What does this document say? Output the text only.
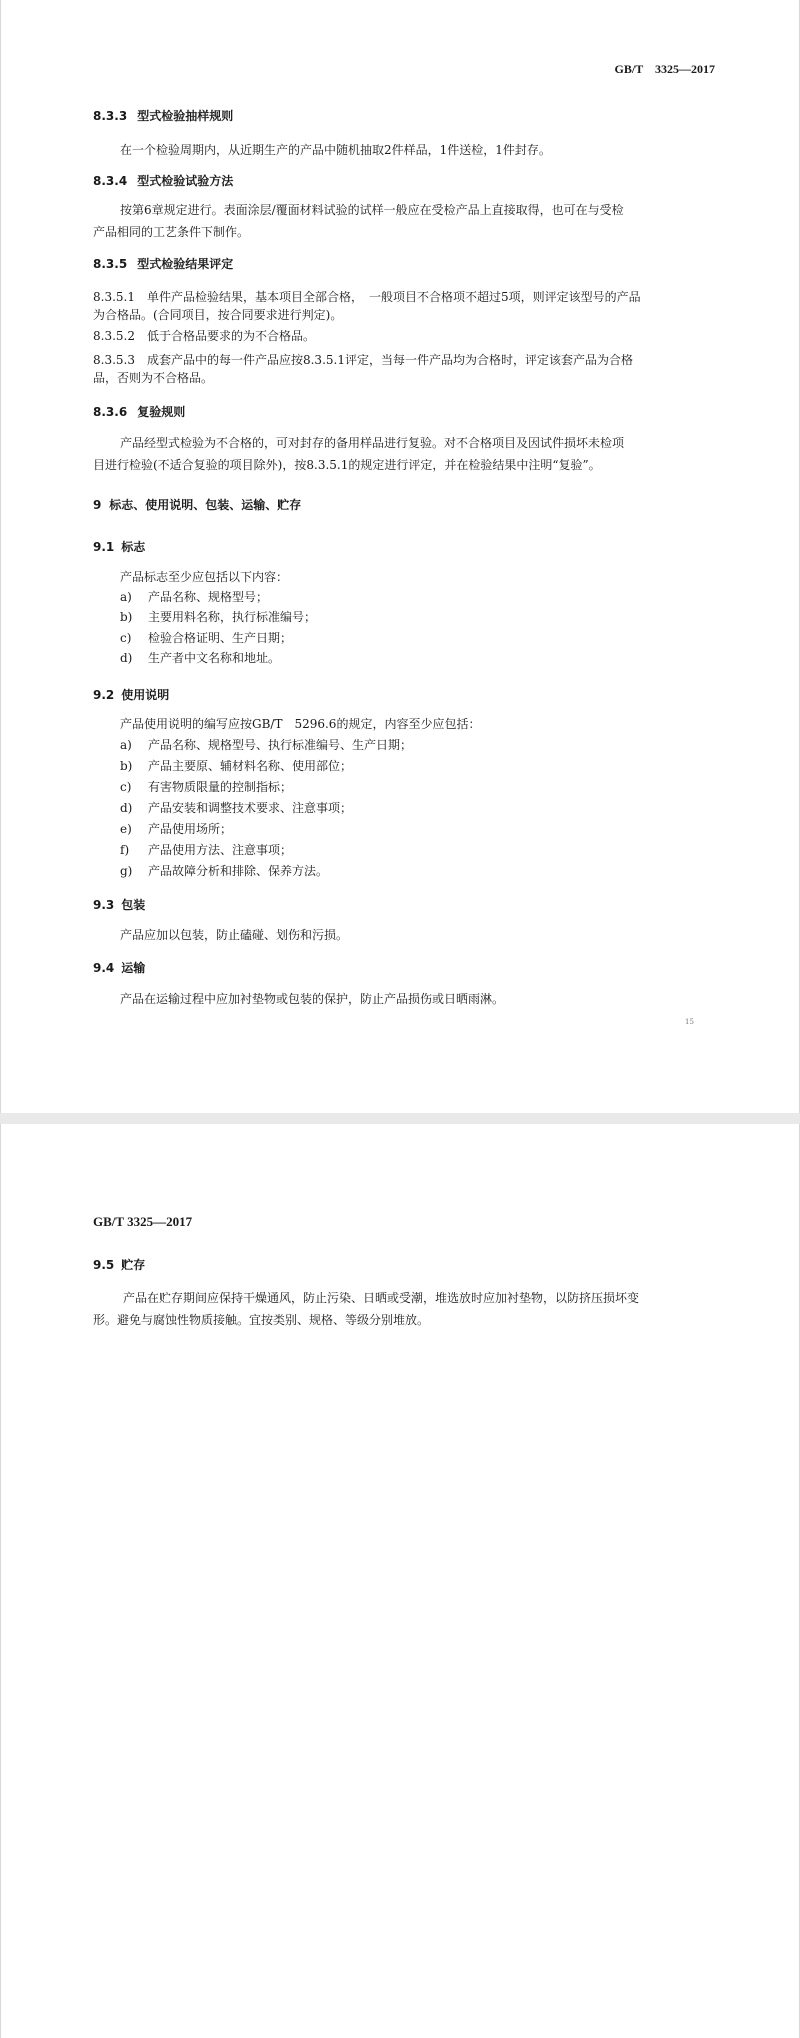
GB/T　3325—2017
8.3.3 型式检验抽样规则
在一个检验周期内，从近期生产的产品中随机抽取2件样品，1件送检，1件封存。
8.3.4 型式检验试验方法
按第6章规定进行。表面涂层/覆面材料试验的试样一般应在受检产品上直接取得，也可在与受检
产品相同的工艺条件下制作。
8.3.5 型式检验结果评定
8.3.5.1　单件产品检验结果，基本项目全部合格，　一般项目不合格项不超过5项，则评定该型号的产品
为合格品。(合同项目，按合同要求进行判定)。
8.3.5.2　低于合格品要求的为不合格品。
8.3.5.3　成套产品中的每一件产品应按8.3.5.1评定，当每一件产品均为合格时，评定该套产品为合格
品，否则为不合格品。
8.3.6 复验规则
产品经型式检验为不合格的，可对封存的备用样品进行复验。对不合格项目及因试件损坏未检项
目进行检验(不适合复验的项目除外)，按8.3.5.1的规定进行评定，并在检验结果中注明“复验”。
9 标志、使用说明、包装、运输、贮存
9.1 标志
产品标志至少应包括以下内容：
a) 产品名称、规格型号；
b) 主要用料名称，执行标准编号；
c) 检验合格证明、生产日期；
d) 生产者中文名称和地址。
9.2 使用说明
产品使用说明的编写应按GB/T　5296.6的规定，内容至少应包括：
a) 产品名称、规格型号、执行标准编号、生产日期；
b) 产品主要原、辅材料名称、使用部位；
c) 有害物质限量的控制指标；
d) 产品安装和调整技术要求、注意事项；
e) 产品使用场所；
f) 产品使用方法、注意事项；
g) 产品故障分析和排除、保养方法。
9.3 包装
产品应加以包装，防止磕碰、划伤和污损。
9.4 运输
产品在运输过程中应加衬垫物或包装的保护，防止产品损伤或日晒雨淋。
15
GB/T 3325—2017
9.5 贮存
产品在贮存期间应保持干燥通风，防止污染、日晒或受潮，堆选放时应加衬垫物，以防挤压损坏变
形。避免与腐蚀性物质接触。宜按类别、规格、等级分别堆放。
